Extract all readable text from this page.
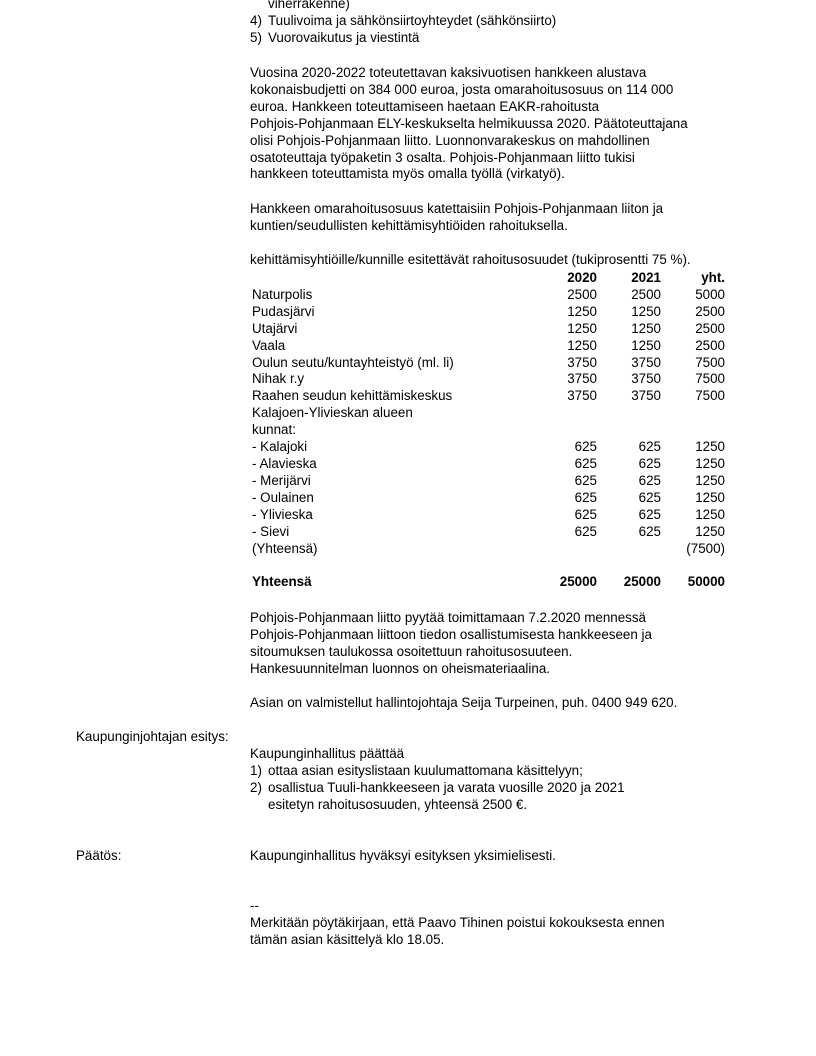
viherrakenne)
4) Tuulivoima ja sähkönsiirtoyhteydet (sähkönsiirto)
5) Vuorovaikutus ja viestintä
Vuosina 2020-2022 toteutettavan kaksivuotisen hankkeen alustava
kokonaisbudjetti on 384 000 euroa, josta omarahoitusosuus on 114 000
euroa. Hankkeen toteuttamiseen haetaan EAKR-rahoitusta
Pohjois-Pohjanmaan ELY-keskukselta helmikuussa 2020. Päätoteuttajana
olisi Pohjois-Pohjanmaan liitto. Luonnonvarakeskus on mahdollinen
osatoteuttaja työpaketin 3 osalta. Pohjois-Pohjanmaan liitto tukisi
hankkeen toteuttamista myös omalla työllä (virkatyö).
Hankkeen omarahoitusosuus katettaisiin Pohjois-Pohjanmaan liiton ja
kuntien/seudullisten kehittämisyhtiöiden rahoituksella.
kehittämisyhtiöille/kunnille esitettävät rahoitusosuudet (tukiprosentti 75 %).
	2020	2021	yht.
Naturpolis	2500	2500	5000
Pudasjärvi	1250	1250	2500
Utajärvi	1250	1250	2500
Vaala	1250	1250	2500
Oulun seutu/kuntayhteistyö (ml. li)	3750	3750	7500
Nihak r.y	3750	3750	7500
Raahen seudun kehittämiskeskus	3750	3750	7500
Kalajoen-Ylivieskan alueen			
kunnat:			
- Kalajoki	625	625	1250
- Alavieska	625	625	1250
- Merijärvi	625	625	1250
- Oulainen	625	625	1250
- Ylivieska	625	625	1250
- Sievi	625	625	1250
(Yhteensä)			(7500)

Yhteensä	25000	25000	50000
Pohjois-Pohjanmaan liitto pyytää toimittamaan 7.2.2020 mennessä
Pohjois-Pohjanmaan liittoon tiedon osallistumisesta hankkeeseen ja
sitoumuksen taulukossa osoitettuun rahoitusosuuteen.
Hankesuunnitelman luonnos on oheismateriaalina.
Asian on valmistellut hallintojohtaja Seija Turpeinen, puh. 0400 949 620.
Kaupunginjohtajan esitys:
Kaupunginhallitus päättää
1) ottaa asian esityslistaan kuulumattomana käsittelyyn;
2) osallistua Tuuli-hankkeeseen ja varata vuosille 2020 ja 2021
esitetyn rahoitusosuuden, yhteensä 2500 €.
Päätös:	Kaupunginhallitus hyväksyi esityksen yksimielisesti.
--
Merkitään pöytäkirjaan, että Paavo Tihinen poistui kokouksesta ennen
tämän asian käsittelyä klo 18.05.
